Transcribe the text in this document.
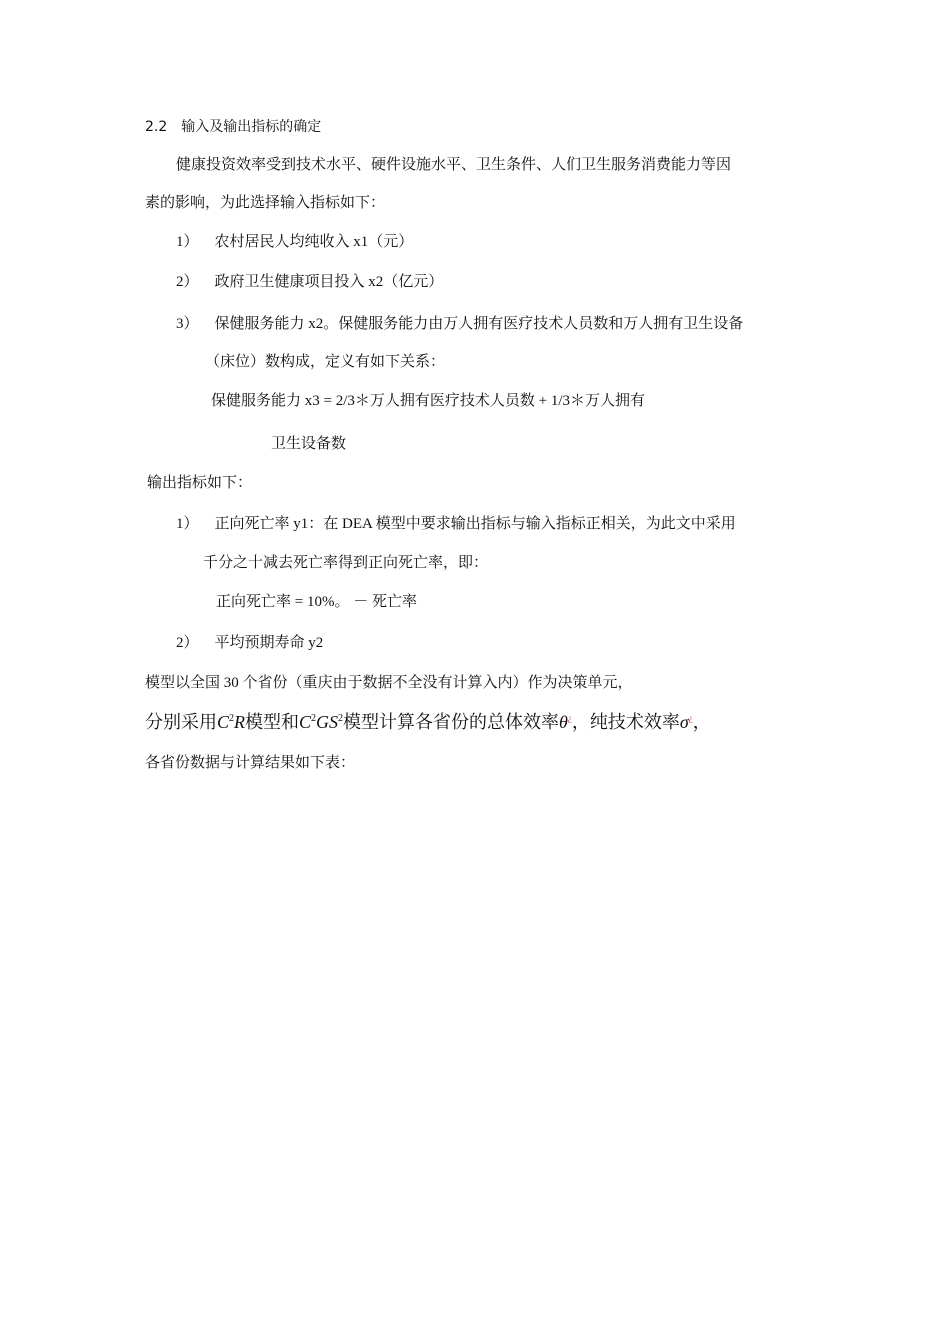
2.2 输入及输出指标的确定
健康投资效率受到技术水平、硬件设施水平、卫生条件、人们卫生服务消费能力等因
素的影响，为此选择输入指标如下：
1） 农村居民人均纯收入 x1（元）
2） 政府卫生健康项目投入 x2（亿元）
3） 保健服务能力 x2。保健服务能力由万人拥有医疗技术人员数和万人拥有卫生设备
（床位）数构成，定义有如下关系：
保健服务能力 x3 = 2/3＊万人拥有医疗技术人员数 + 1/3＊万人拥有
卫生设备数
输出指标如下：
1） 正向死亡率 y1：在 DEA 模型中要求输出指标与输入指标正相关，为此文中采用
千分之十减去死亡率得到正向死亡率，即：
正向死亡率 = 10%。 － 死亡率
2） 平均预期寿命 y2
模型以全国 30 个省份（重庆由于数据不全没有计算入内）作为决策单元，
分别采用$C^2R$模型和$C^2GS^2$模型计算各省份的总体效率θ¿，纯技术效率σ¿，
各省份数据与计算结果如下表：
